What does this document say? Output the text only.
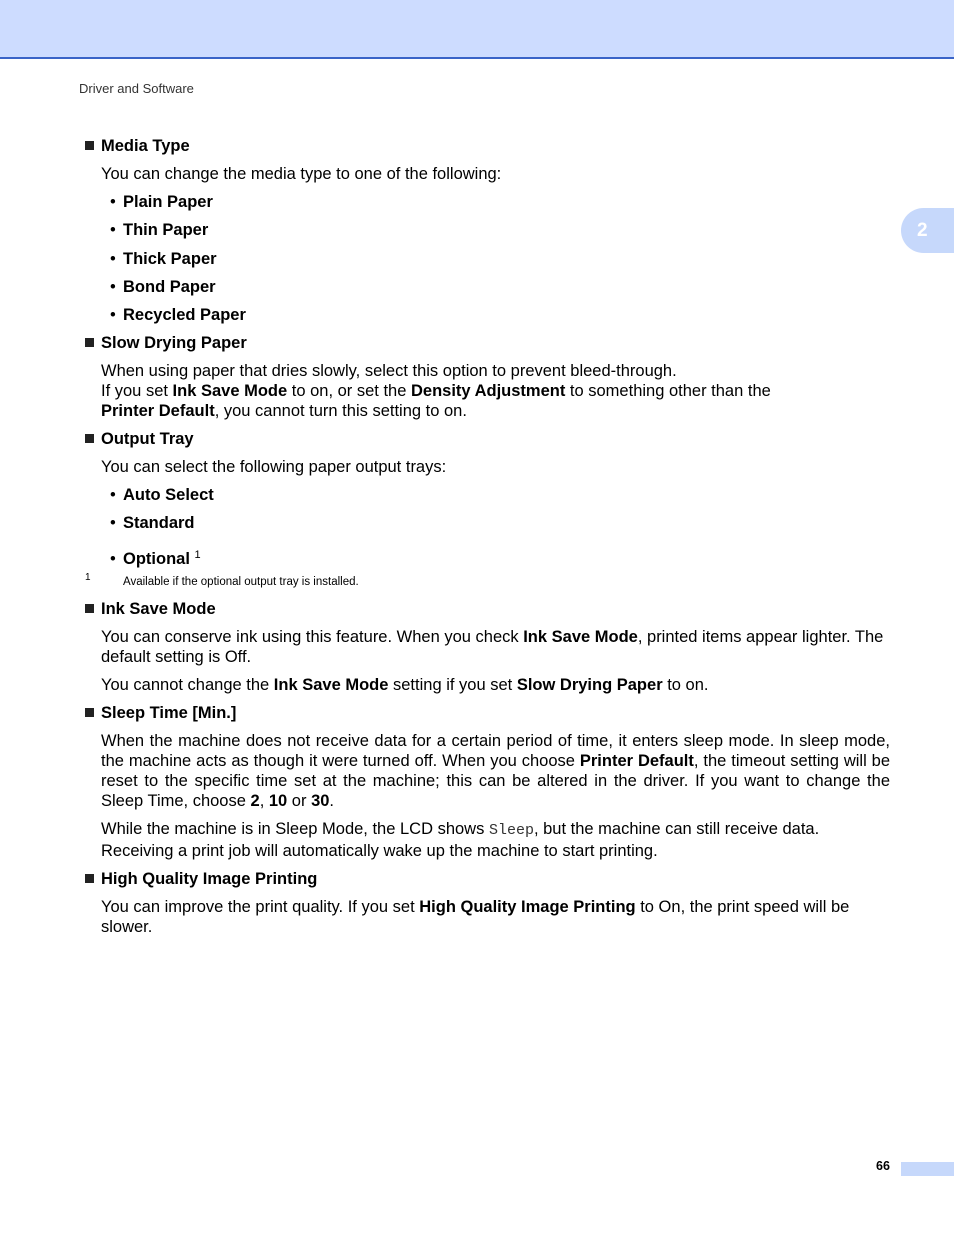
Driver and Software
2

Media Type

You can change the media type to one of the following:

• Plain Paper
• Thin Paper
• Thick Paper
• Bond Paper
• Recycled Paper

Slow Drying Paper

When using paper that dries slowly, select this option to prevent bleed-through.
If you set Ink Save Mode to on, or set the Density Adjustment to something other than the
Printer Default, you cannot turn this setting to on.

Output Tray

You can select the following paper output trays:

• Auto Select
• Standard
• Optional $^1$
1	Available if the optional output tray is installed.

Ink Save Mode

You can conserve ink using this feature. When you check Ink Save Mode, printed items appear lighter. The default setting is Off.

You cannot change the Ink Save Mode setting if you set Slow Drying Paper to on.

Sleep Time [Min.]

When the machine does not receive data for a certain period of time, it enters sleep mode. In sleep mode, the machine acts as though it were turned off. When you choose Printer Default, the timeout setting will be reset to the specific time set at the machine; this can be altered in the driver. If you want to change the Sleep Time, choose 2, 10 or 30.

While the machine is in Sleep Mode, the LCD shows Sleep, but the machine can still receive data. Receiving a print job will automatically wake up the machine to start printing.

High Quality Image Printing

You can improve the print quality. If you set High Quality Image Printing to On, the print speed will be slower.

66
